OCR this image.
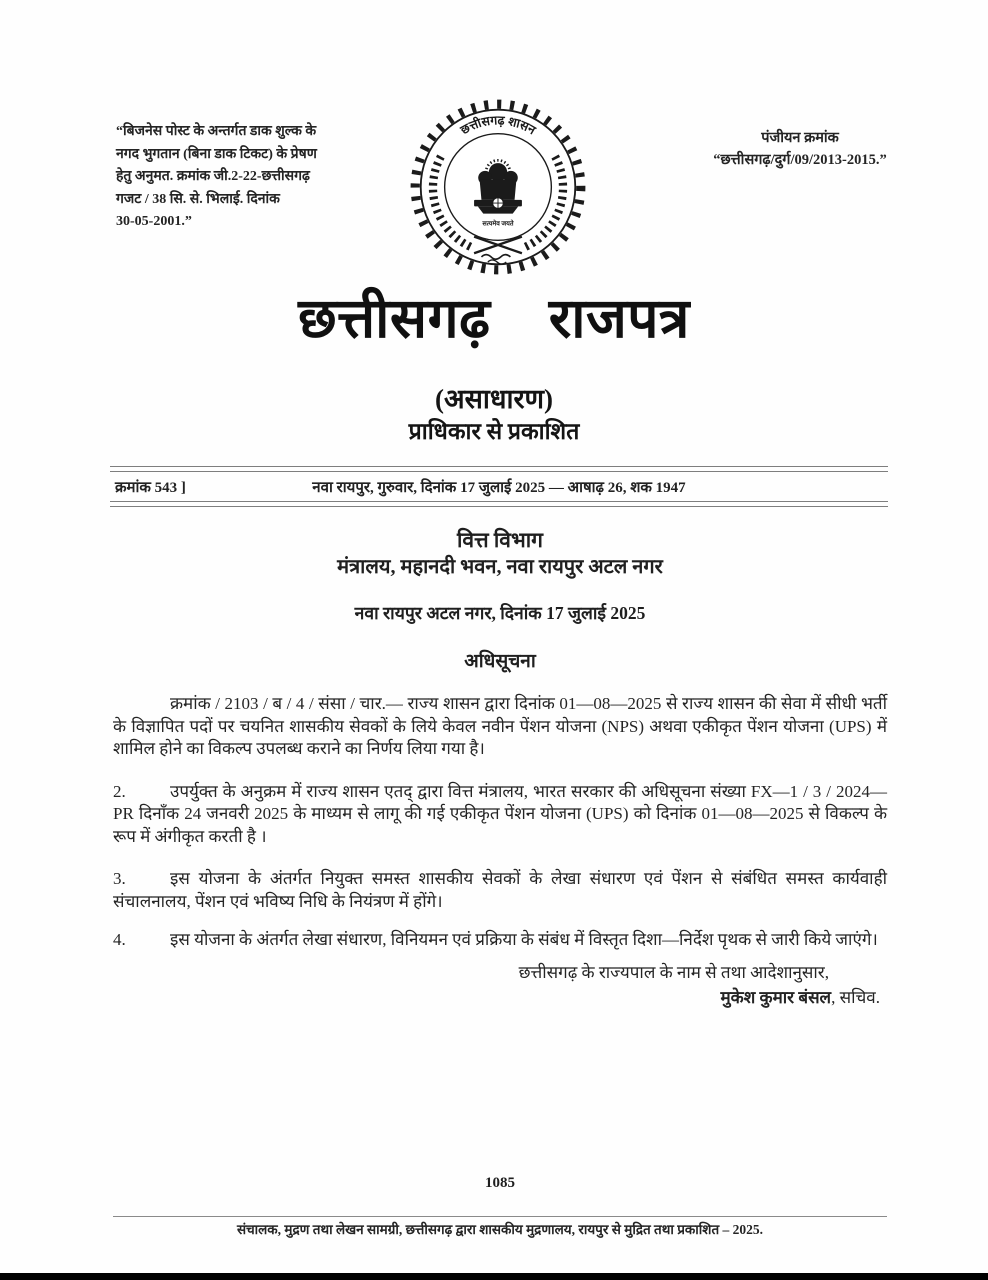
“बिजनेस पोस्ट के अन्तर्गत डाक शुल्क के
नगद भुगतान (बिना डाक टिकट) के प्रेषण
हेतु अनुमत. क्रमांक जी.2-22-छत्तीसगढ़
गजट / 38 सि. से. भिलाई. दिनांक
30-05-2001.”
पंजीयन क्रमांक
“छत्तीसगढ़/दुर्ग/09/2013-2015.”
छत्तीसगढ़ शासन
सत्यमेव जयते
छत्तीसगढ़ राजपत्र
(असाधारण)
प्राधिकार से प्रकाशित
क्रमांक 543 ]	नवा रायपुर, गुरुवार, दिनांक 17 जुलाई 2025 — आषाढ़ 26, शक 1947
वित्त विभाग
मंत्रालय, महानदी भवन, नवा रायपुर अटल नगर
नवा रायपुर अटल नगर, दिनांक 17 जुलाई 2025
अधिसूचना

क्रमांक / 2103 / ब / 4 / संसा / चार.— राज्य शासन द्वारा दिनांक 01—08—2025 से राज्य शासन की सेवा में सीधी भर्ती के विज्ञापित पदों पर चयनित शासकीय सेवकों के लिये केवल नवीन पेंशन योजना (NPS) अथवा एकीकृत पेंशन योजना (UPS) में शामिल होने का विकल्प उपलब्ध कराने का निर्णय लिया गया है।

2.	उपर्युक्त के अनुक्रम में राज्य शासन एतद् द्वारा वित्त मंत्रालय, भारत सरकार की अधिसूचना संख्या FX—1 / 3 / 2024—PR दिनाँक 24 जनवरी 2025 के माध्यम से लागू की गई एकीकृत पेंशन योजना (UPS) को दिनांक 01—08—2025 से विकल्प के रूप में अंगीकृत करती है ।

3.	इस योजना के अंतर्गत नियुक्त समस्त शासकीय सेवकों के लेखा संधारण एवं पेंशन से संबंधित समस्त कार्यवाही संचालनालय, पेंशन एवं भविष्य निधि के नियंत्रण में होंगे।

4.	इस योजना के अंतर्गत लेखा संधारण, विनियमन एवं प्रक्रिया के संबंध में विस्तृत दिशा—निर्देश पृथक से जारी किये जाएंगे।

छत्तीसगढ़ के राज्यपाल के नाम से तथा आदेशानुसार,
मुकेश कुमार बंसल, सचिव.
1085
संचालक, मुद्रण तथा लेखन सामग्री, छत्तीसगढ़ द्वारा शासकीय मुद्रणालय, रायपुर से मुद्रित तथा प्रकाशित – 2025.
